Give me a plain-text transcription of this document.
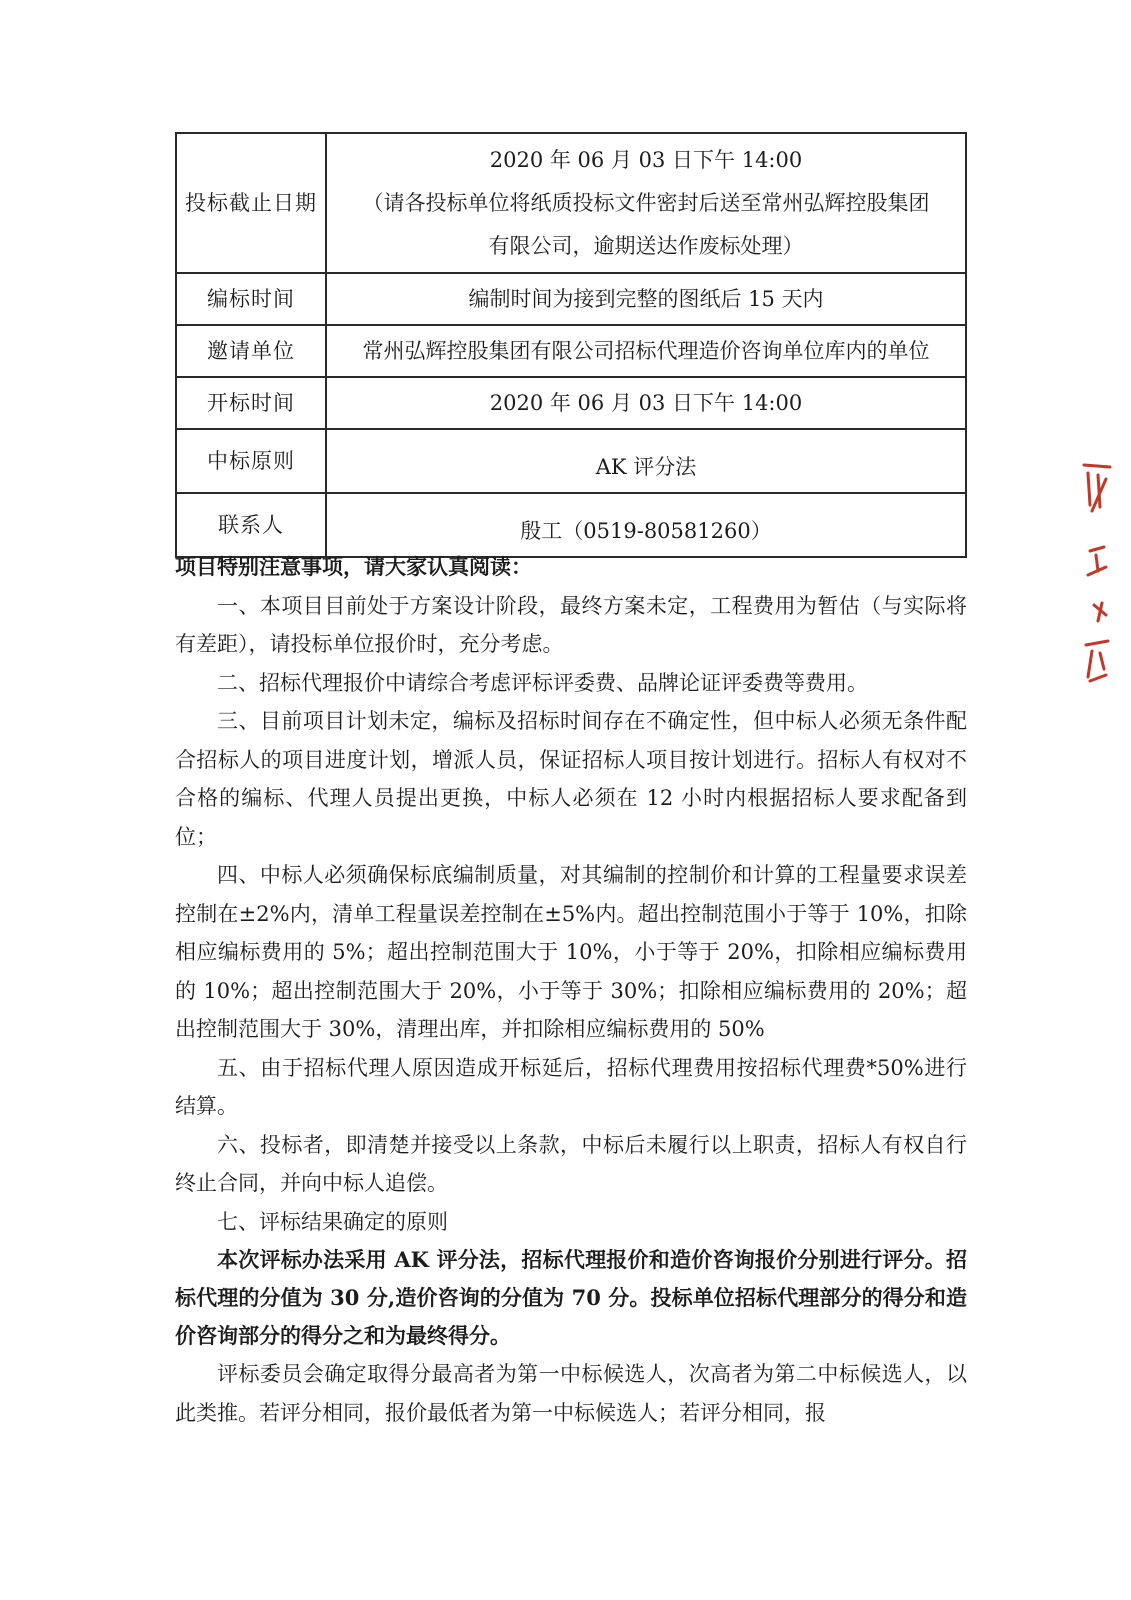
投标截止日期	2020 年 06 月 03 日下午 14:00
（请各投标单位将纸质投标文件密封后送至常州弘辉控股集团
有限公司，逾期送达作废标处理）

编标时间	编制时间为接到完整的图纸后 15 天内
邀请单位	常州弘辉控股集团有限公司招标代理造价咨询单位库内的单位
开标时间	2020 年 06 月 03 日下午 14:00
中标原则	AK 评分法
联系人	殷工（0519-80581260）

项目特别注意事项，请大家认真阅读：

一、本项目目前处于方案设计阶段，最终方案未定，工程费用为暂估（与实际将有差距），请投标单位报价时，充分考虑。

二、招标代理报价中请综合考虑评标评委费、品牌论证评委费等费用。

三、目前项目计划未定，编标及招标时间存在不确定性，但中标人必须无条件配合招标人的项目进度计划，增派人员，保证招标人项目按计划进行。招标人有权对不合格的编标、代理人员提出更换，中标人必须在 12 小时内根据招标人要求配备到位；

四、中标人必须确保标底编制质量，对其编制的控制价和计算的工程量要求误差控制在±2%内，清单工程量误差控制在±5%内。超出控制范围小于等于 10%，扣除相应编标费用的 5%；超出控制范围大于 10%，小于等于 20%，扣除相应编标费用的 10%；超出控制范围大于 20%，小于等于 30%；扣除相应编标费用的 20%；超出控制范围大于 30%，清理出库，并扣除相应编标费用的 50%

五、由于招标代理人原因造成开标延后，招标代理费用按招标代理费*50%进行结算。

六、投标者，即清楚并接受以上条款，中标后未履行以上职责，招标人有权自行终止合同，并向中标人追偿。

七、评标结果确定的原则

本次评标办法采用 AK 评分法，招标代理报价和造价咨询报价分别进行评分。招标代理的分值为 30 分,造价咨询的分值为 70 分。投标单位招标代理部分的得分和造价咨询部分的得分之和为最终得分。

评标委员会确定取得分最高者为第一中标候选人，次高者为第二中标候选人，以此类推。若评分相同，报价最低者为第一中标候选人；若评分相同，报
